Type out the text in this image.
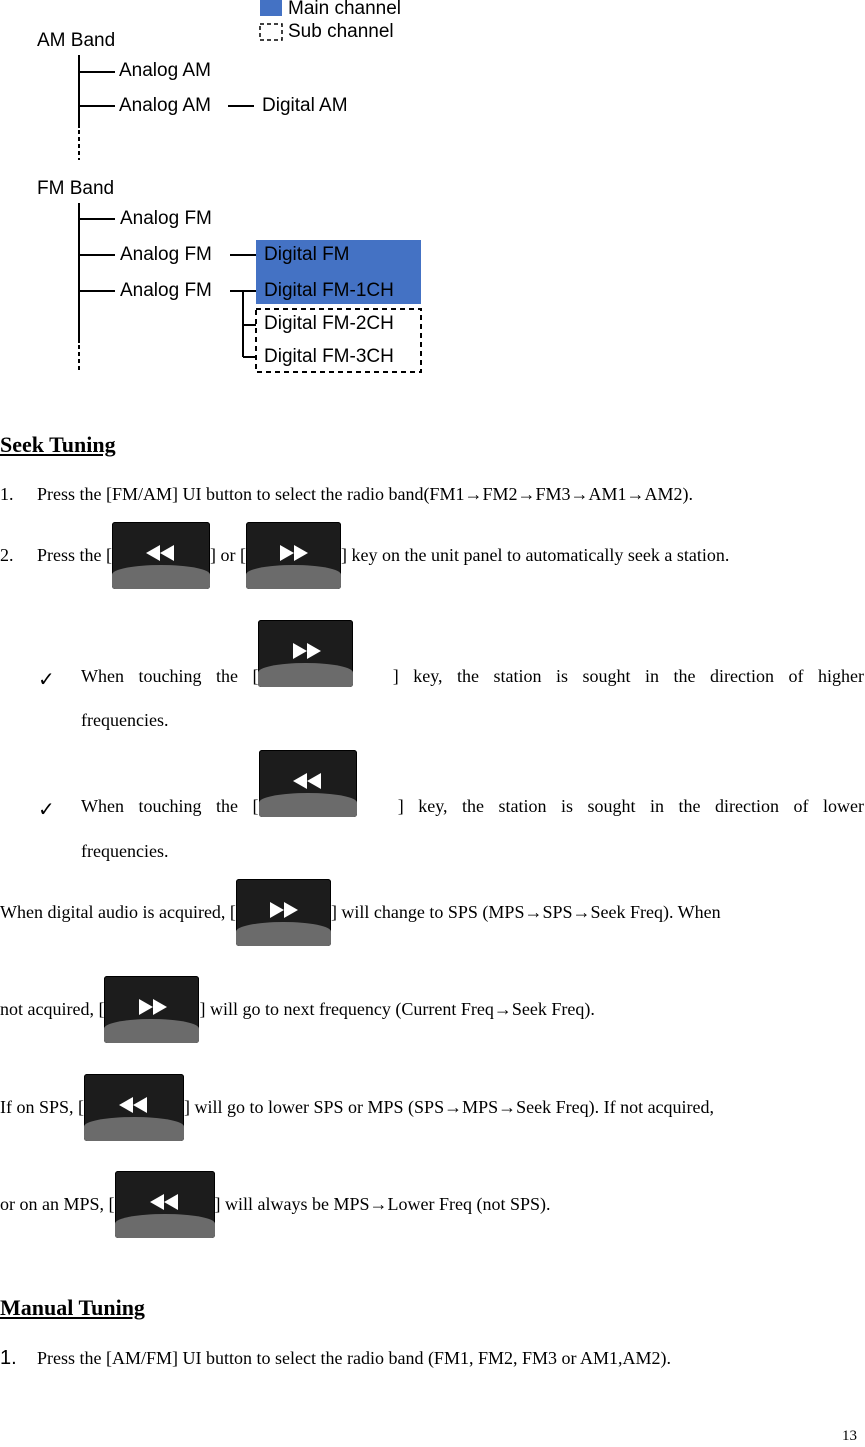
Main channel
Sub channel
AM Band
Analog AM
Analog AM	Digital AM
FM Band
Analog FM
Analog FM
Analog FM
Digital FM
Digital FM-1CH
Digital FM-2CH
Digital FM-3CH
Seek Tuning
1. Press the [FM/AM] UI button to select the radio band(FM1→FM2→FM3→AM1→AM2).
2. Press the [	] or [	] key on the unit panel to automatically seek a station.
✓ When touching the [	] key, the station is sought in the direction of higher
frequencies.
✓ When touching the [	] key, the station is sought in the direction of lower
frequencies.
When digital audio is acquired, [	] will change to SPS (MPS→SPS→Seek Freq). When
not acquired, [	] will go to next frequency (Current Freq→Seek Freq).
If on SPS, [	] will go to lower SPS or MPS (SPS→MPS→Seek Freq). If not acquired,
or on an MPS, [	] will always be MPS→Lower Freq (not SPS).
Manual Tuning
1. Press the [AM/FM] UI button to select the radio band (FM1, FM2, FM3 or AM1,AM2).
13
